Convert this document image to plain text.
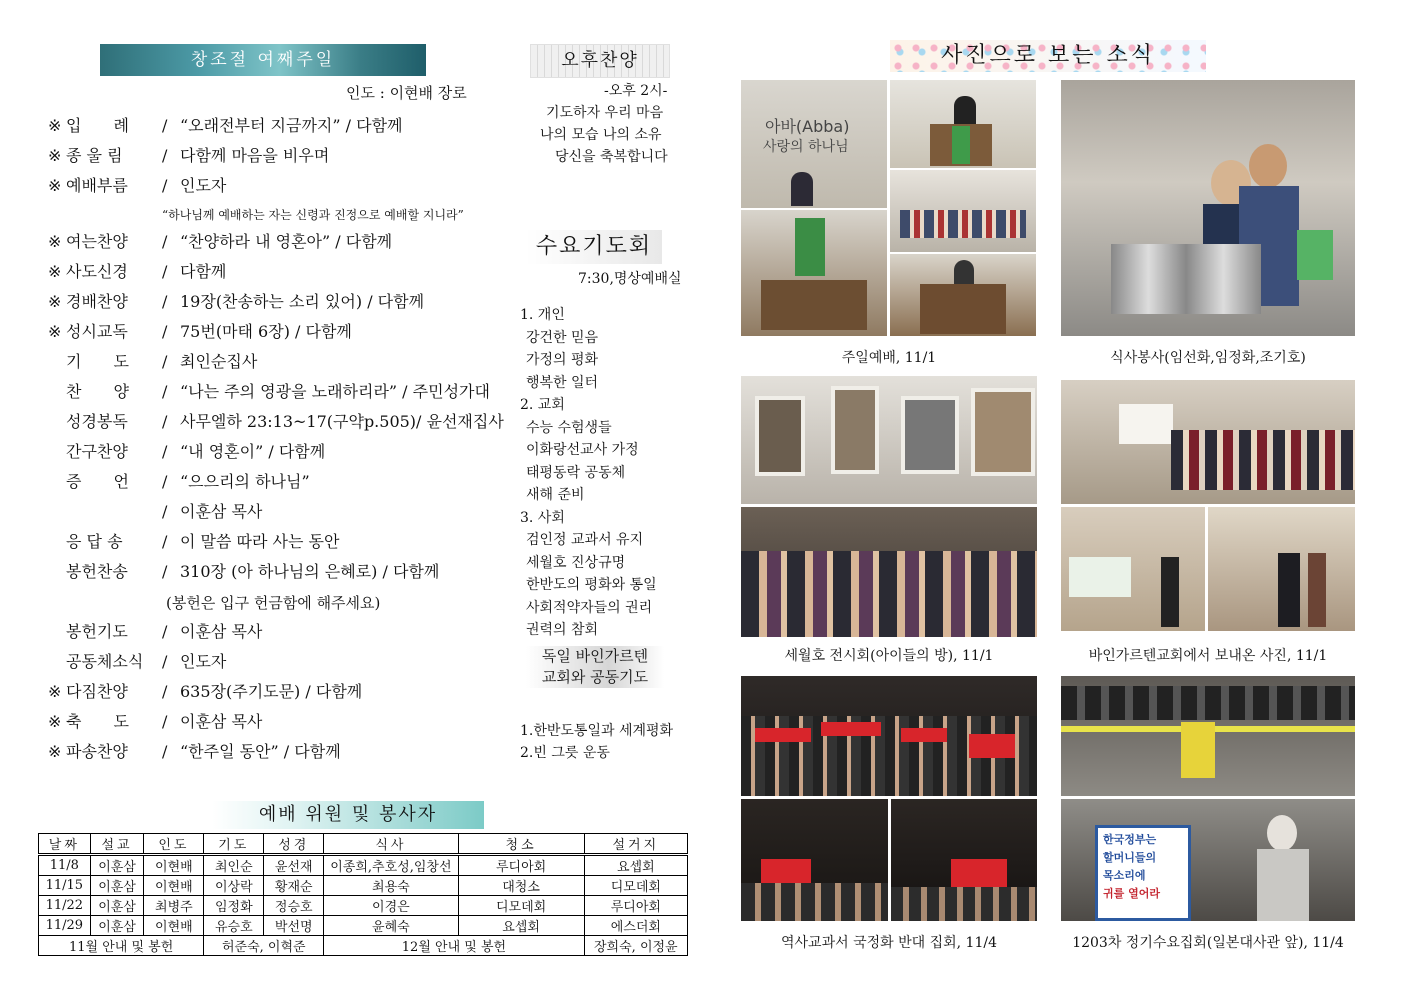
창조절 여째주일
인도 : 이현배 장로
※ 입　　례	/ “오래전부터 지금까지” / 다함께
※ 종 울 림	/ 다함께 마음을 비우며
※ 예배부름	/ 인도자
※ 여는찬양	/ “찬양하라 내 영혼아” / 다함께
※ 사도신경	/ 다함께
※ 경배찬양	/ 19장(찬송하는 소리 있어) / 다함께
※ 성시교독	/ 75번(마태 6장) / 다함께
기　　도	/ 최인순집사
찬　　양	/ “나는 주의 영광을 노래하리라” / 주민성가대
성경봉독	/ 사무엘하 23:13~17(구약p.505)/ 윤선재집사
간구찬양	/ “내 영혼이” / 다함께
증　　언	/ “으으리의 하나님”
/ 이훈삼 목사
응 답 송	/ 이 말씀 따라 사는 동안
봉헌찬송	/ 310장 (아 하나님의 은혜로) / 다함께
봉헌기도	/ 이훈삼 목사
공동체소식	/ 인도자
※ 다짐찬양	/ 635장(주기도문) / 다함께
※ 축　　도	/ 이훈삼 목사
※ 파송찬양	/ “한주일 동안” / 다함께
“하나님께 예배하는 자는 신령과 진정으로 예배할 지니라”
(봉헌은 입구 헌금함에 해주세요)
예배 위원 및 봉사자
날짜	설교	인도	기도	성경	식사	청소	설거지
11/8	이훈삼	이현배	최인순	윤선재	이종희,추호성,임창선	루디아회	요셉회
11/15	이훈삼	이현배	이상락	황재순	최용숙	대청소	디모데회
11/22	이훈삼	최병주	임정화	정승호	이경은	디모데회	루디아회
11/29	이훈삼	이현배	유승호	박선명	윤혜숙	요셉회	에스더회
11월 안내 및 봉헌			허준숙, 이혁준		12월 안내 및 봉헌		장희숙, 이정윤
오후찬양
-오후 2시-
기도하자 우리 마음
나의 모습 나의 소유
당신을 축복합니다
수요기도회
7:30,명상예배실
1. 개인
강건한 믿음
가정의 평화
행복한 일터
2. 교회
수능 수험생들
이화랑선교사 가정
태평동락 공동체
새해 준비
3. 사회
검인정 교과서 유지
세월호 진상규명
한반도의 평화와 통일
사회적약자들의 권리
권력의 참회
독일 바인가르텐
교회와 공동기도
1.한반도통일과 세계평화
2.빈 그릇 운동
사진으로 보는 소식
아바(Abba)
사랑의 하나님
주일예배, 11/1	식사봉사(임선화,임정화,조기호)
세월호 전시회(아이들의 방), 11/1	바인가르텐교회에서 보내온 사진, 11/1
역사교과서 국정화 반대 집회, 11/4
한국정부는
할머니들의
목소리에
귀를 열어라
1203차 정기수요집회(일본대사관 앞), 11/4
